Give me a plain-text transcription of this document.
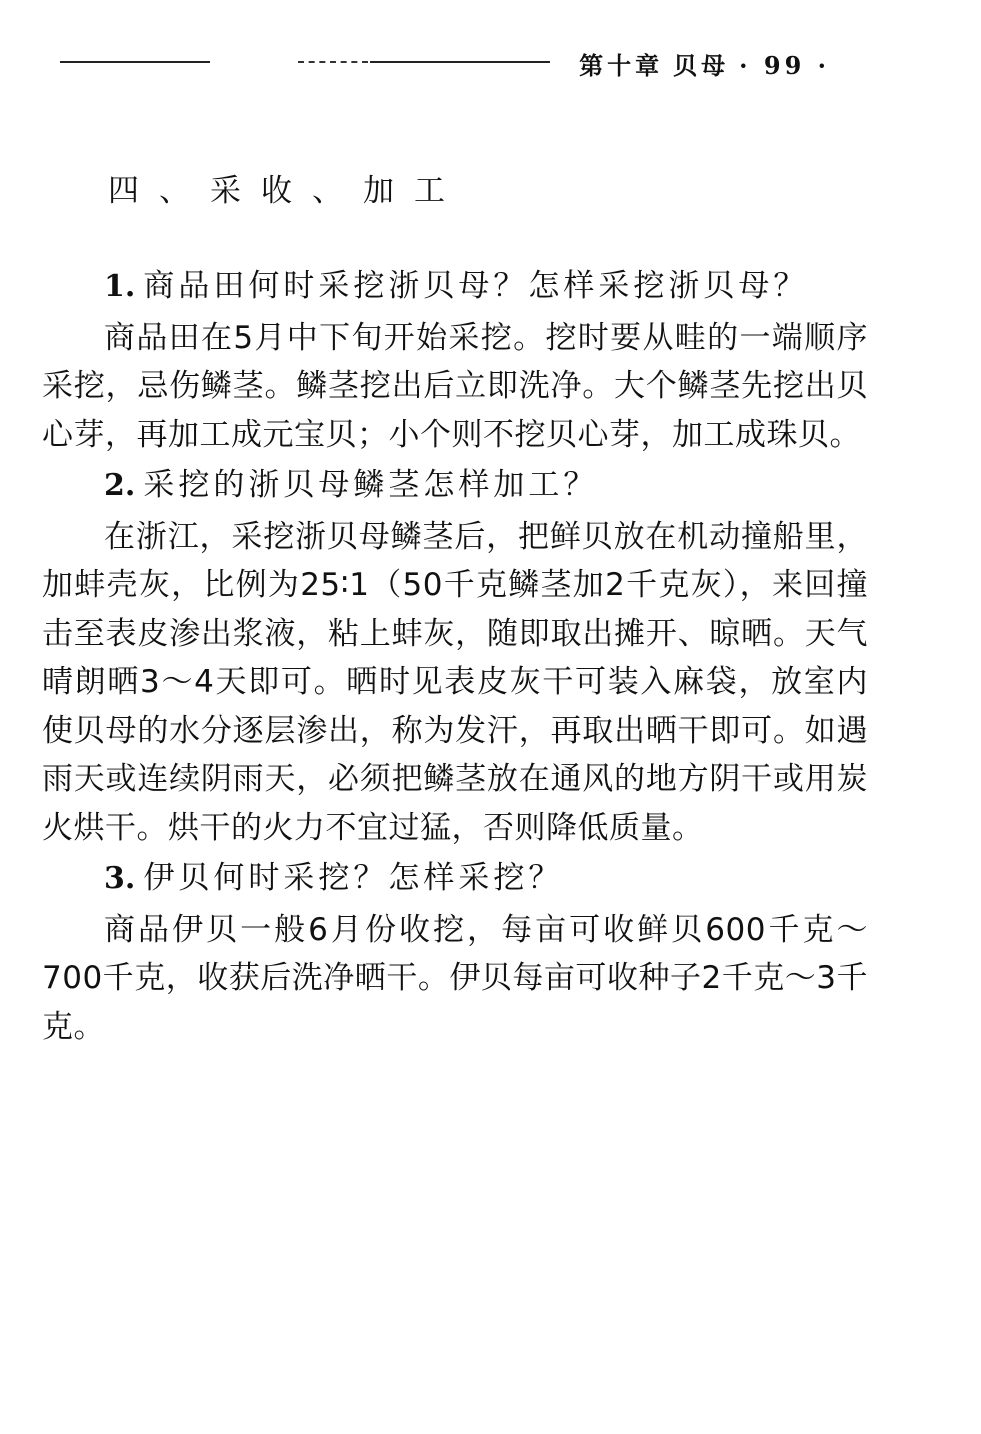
第十章 贝母 · 99 ·
四、采收、加工

1. 商品田何时采挖浙贝母？怎样采挖浙贝母？

商品田在5月中下旬开始采挖。挖时要从畦的一端顺序采挖，忌伤鳞茎。鳞茎挖出后立即洗净。大个鳞茎先挖出贝心芽，再加工成元宝贝；小个则不挖贝心芽，加工成珠贝。

2. 采挖的浙贝母鳞茎怎样加工？

在浙江，采挖浙贝母鳞茎后，把鲜贝放在机动撞船里，加蚌壳灰，比例为25∶1（50千克鳞茎加2千克灰），来回撞击至表皮渗出浆液，粘上蚌灰，随即取出摊开、晾晒。天气晴朗晒3～4天即可。晒时见表皮灰干可装入麻袋，放室内使贝母的水分逐层渗出，称为发汗，再取出晒干即可。如遇雨天或连续阴雨天，必须把鳞茎放在通风的地方阴干或用炭火烘干。烘干的火力不宜过猛，否则降低质量。

3. 伊贝何时采挖？怎样采挖？

商品伊贝一般6月份收挖，每亩可收鲜贝600千克～700千克，收获后洗净晒干。伊贝每亩可收种子2千克～3千克。
